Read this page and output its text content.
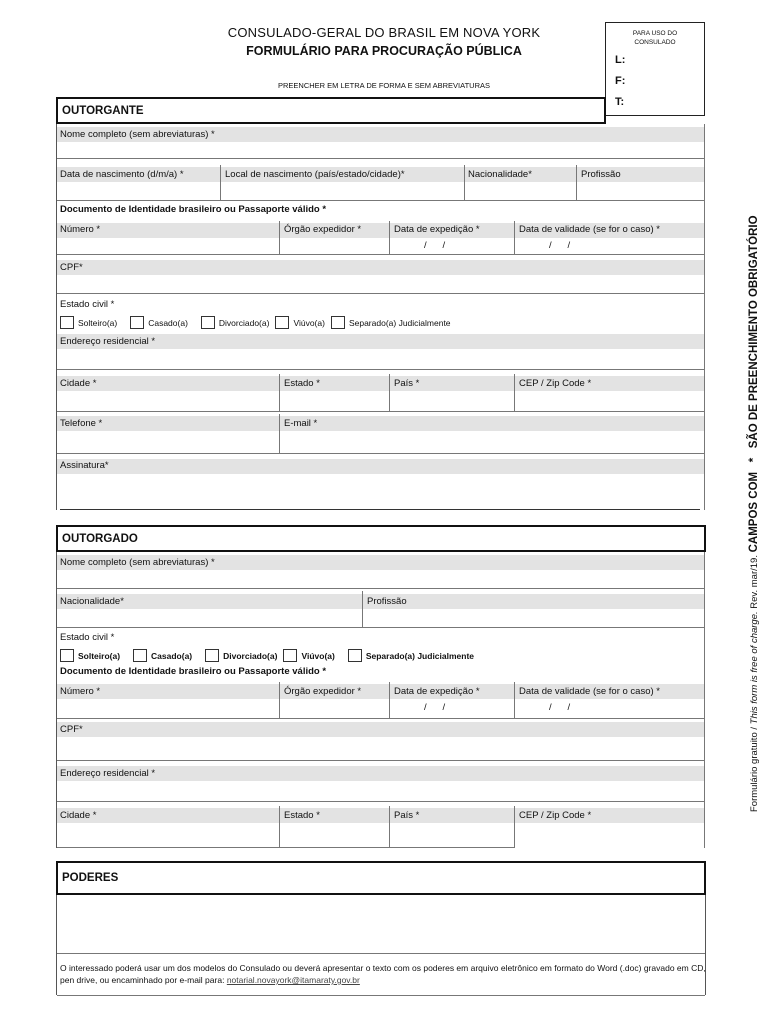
CONSULADO-GERAL DO BRASIL EM NOVA YORK
FORMULÁRIO PARA PROCURAÇÃO PÚBLICA
PREENCHER EM LETRA DE FORMA E SEM ABREVIATURAS
PARA USO DO
CONSULADO
L:
F:
T:
OUTORGANTE
Nome completo (sem abreviaturas) *
Data de nascimento (d/m/a) *	Local de nascimento (país/estado/cidade)*	Nacionalidade*	Profissão
Documento de Identidade brasileiro ou Passaporte válido *
Número *	Órgão expedidor *	Data de expedição *	Data de validade (se for o caso) *
/      /	/      /
CPF*
Estado civil *
Solteiro(a)	Casado(a)	Divorciado(a)	Viúvo(a)	Separado(a) Judicialmente
Endereço residencial *
Cidade *	Estado *	País *	CEP / Zip Code *
Telefone *	E-mail *
Assinatura*
OUTORGADO
Nome completo (sem abreviaturas) *
Nacionalidade*	Profissão
Estado civil *
Solteiro(a)	Casado(a)	Divorciado(a)	Viúvo(a)	Separado(a) Judicialmente
Documento de Identidade brasileiro ou Passaporte válido *
Número *	Órgão expedidor *	Data de expedição *	Data de validade (se for o caso) *
/      /	/      /
CPF*
Endereço residencial *
Cidade *	Estado *	País *	CEP / Zip Code *
PODERES
O interessado poderá usar um dos modelos do Consulado ou deverá apresentar o texto com os poderes em arquivo eletrônico em formato do Word (.doc) gravado em CD, pen drive, ou encaminhado por e-mail para: notarial.novayork@itamaraty.gov.br
Formulário gratuito / This form is free of charge. Rev. mar/19. CAMPOS COM   *   SÃO DE PREENCHIMENTO OBRIGATÓRIO
